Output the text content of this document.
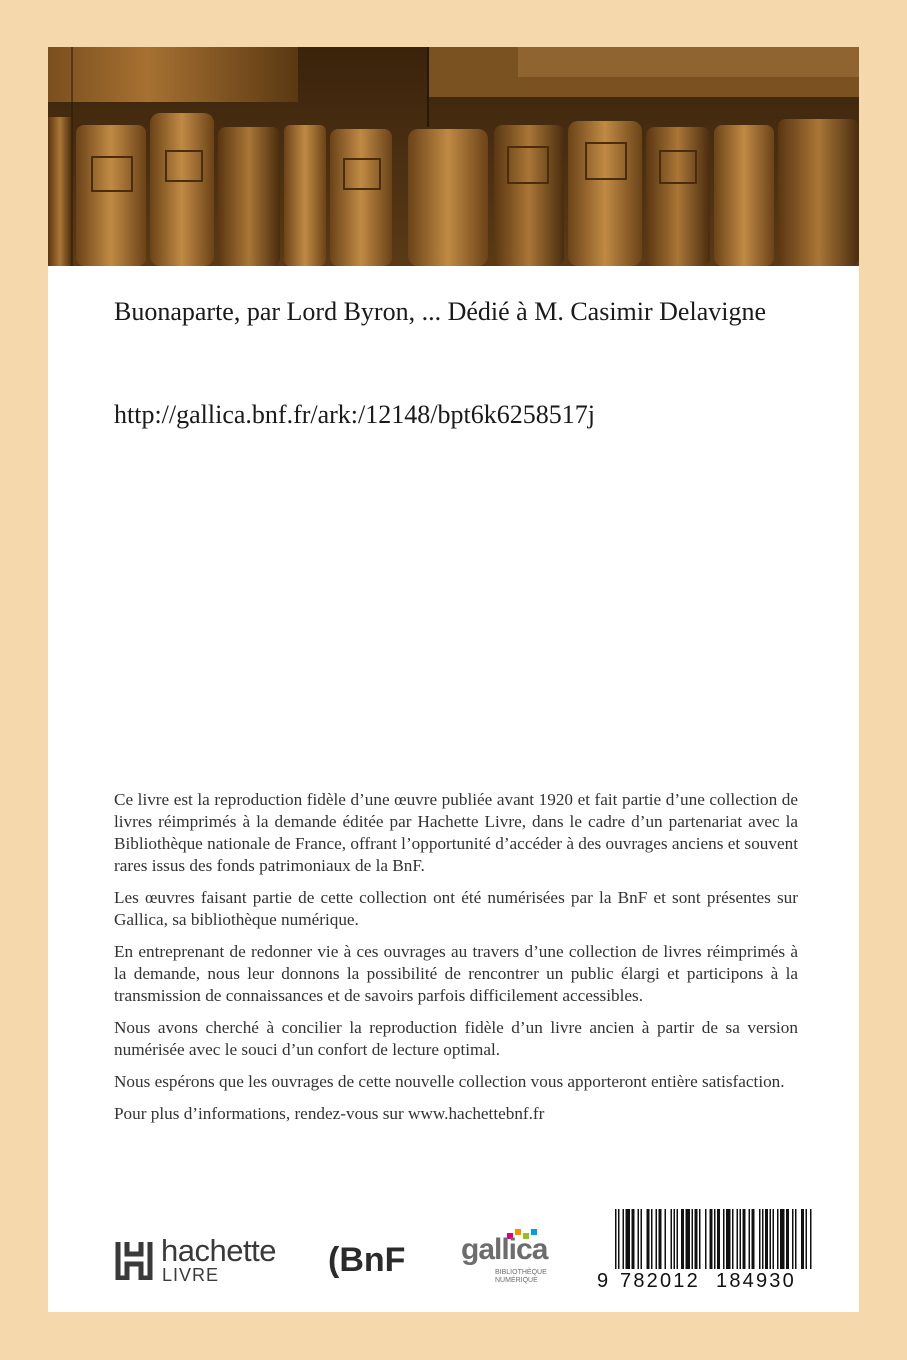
Buonaparte, par Lord Byron, ... Dédié à M. Casimir Delavigne
http://gallica.bnf.fr/ark:/12148/bpt6k6258517j

Ce livre est la reproduction fidèle d’une œuvre publiée avant 1920 et fait partie d’une collection de livres réimprimés à la demande éditée par Hachette Livre, dans le cadre d’un partenariat avec la Bibliothèque nationale de France, offrant l’opportunité d’accéder à des ouvrages anciens et souvent rares issus des fonds patrimoniaux de la BnF.

Les œuvres faisant partie de cette collection ont été numérisées par la BnF et sont présentes sur Gallica, sa bibliothèque numérique.

En entreprenant de redonner vie à ces ouvrages au travers d’une collection de livres réimprimés à la demande, nous leur donnons la possibilité de rencontrer un public élargi et participons à la transmission de connaissances et de savoirs parfois difficilement accessibles.

Nous avons cherché à concilier la reproduction fidèle d’un livre ancien à partir de sa version numérisée avec le souci d’un confort de lecture optimal.

Nous espérons que les ouvrages de cette nouvelle collection vous apporteront entière satisfaction.

Pour plus d’informations, rendez-vous sur www.hachettebnf.fr

hachette
LIVRE	(BnF gallica
BIBLIOTHÈQUE NUMÉRIQUE	9 782012 184930
